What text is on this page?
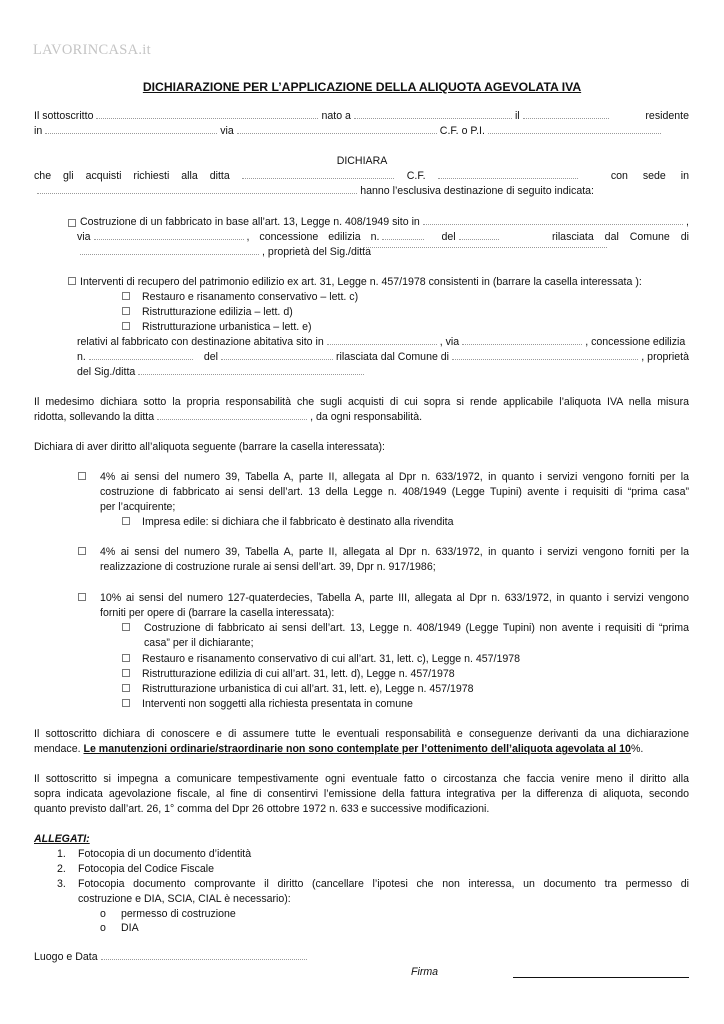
LAVORINCASA.it
DICHIARAZIONE PER L’APPLICAZIONE DELLA ALIQUOTA AGEVOLATA IVA
Il sottoscritto	nato a	il	residente
in	via	C.F. o P.I.
DICHIARA
che gli acquisti richiesti alla ditta	C.F.	con sede in
hanno l’esclusiva destinazione di seguito indicata:
Costruzione di un fabbricato in base all’art. 13, Legge n. 408/1949 sito in	,
via	, concessione edilizia n.	del	rilasciata dal Comune di
, proprietà del Sig./ditta
Interventi di recupero del patrimonio edilizio ex art. 31, Legge n. 457/1978 consistenti in (barrare la casella interessata ):
Restauro e risanamento conservativo – lett. c)
Ristrutturazione edilizia – lett. d)
Ristrutturazione urbanistica – lett. e)
relativi al fabbricato con destinazione abitativa sito in	, via	, concessione edilizia
n.	del	rilasciata dal Comune di	, proprietà
del Sig./ditta
Il medesimo dichiara sotto la propria responsabilità che sugli acquisti di cui sopra si rende applicabile l’aliquota IVA nella misura
ridotta, sollevando la ditta	, da ogni responsabilità.
Dichiara di aver diritto all’aliquota seguente (barrare la casella interessata):
4% ai sensi del numero 39, Tabella A, parte II, allegata al Dpr n. 633/1972, in quanto i servizi vengono forniti per la
costruzione di fabbricato ai sensi dell’art. 13 della Legge n. 408/1949 (Legge Tupini) avente i requisiti di “prima casa”
per l’acquirente;
Impresa edile: si dichiara che il fabbricato è destinato alla rivendita
4% ai sensi del numero 39, Tabella A, parte II, allegata al Dpr n. 633/1972, in quanto i servizi vengono forniti per la
realizzazione di costruzione rurale ai sensi dell’art. 39, Dpr n. 917/1986;
10% ai sensi del numero 127-quaterdecies, Tabella A, parte III, allegata al Dpr n. 633/1972, in quanto i servizi vengono
forniti per opere di (barrare la casella interessata):
Costruzione di fabbricato ai sensi dell’art. 13, Legge n. 408/1949 (Legge Tupini) non avente i requisiti di “prima
casa” per il dichiarante;
Restauro e risanamento conservativo di cui all’art. 31, lett. c), Legge n. 457/1978
Ristrutturazione edilizia di cui all’art. 31, lett. d), Legge n. 457/1978
Ristrutturazione urbanistica di cui all’art. 31, lett. e), Legge n. 457/1978
Interventi non soggetti alla richiesta presentata in comune
Il sottoscritto dichiara di conoscere e di assumere tutte le eventuali responsabilità e conseguenze derivanti da una dichiarazione
mendace. Le manutenzioni ordinarie/straordinarie non sono contemplate per l’ottenimento dell’aliquota agevolata al 10%.
Il sottoscritto si impegna a comunicare tempestivamente ogni eventuale fatto o circostanza che faccia venire meno il diritto alla
sopra indicata agevolazione fiscale, al fine di consentirvi l’emissione della fattura integrativa per la differenza di aliquota, secondo
quanto previsto dall’art. 26, 1° comma del Dpr 26 ottobre 1972 n. 633 e successive modificazioni.
ALLEGATI:
1. Fotocopia di un documento d’identità
2. Fotocopia del Codice Fiscale
3. Fotocopia documento comprovante il diritto (cancellare l’ipotesi che non interessa, un documento tra permesso di
costruzione e DIA, SCIA, CIAL è necessario):
o permesso di costruzione
o DIA
Luogo e Data
Firma
